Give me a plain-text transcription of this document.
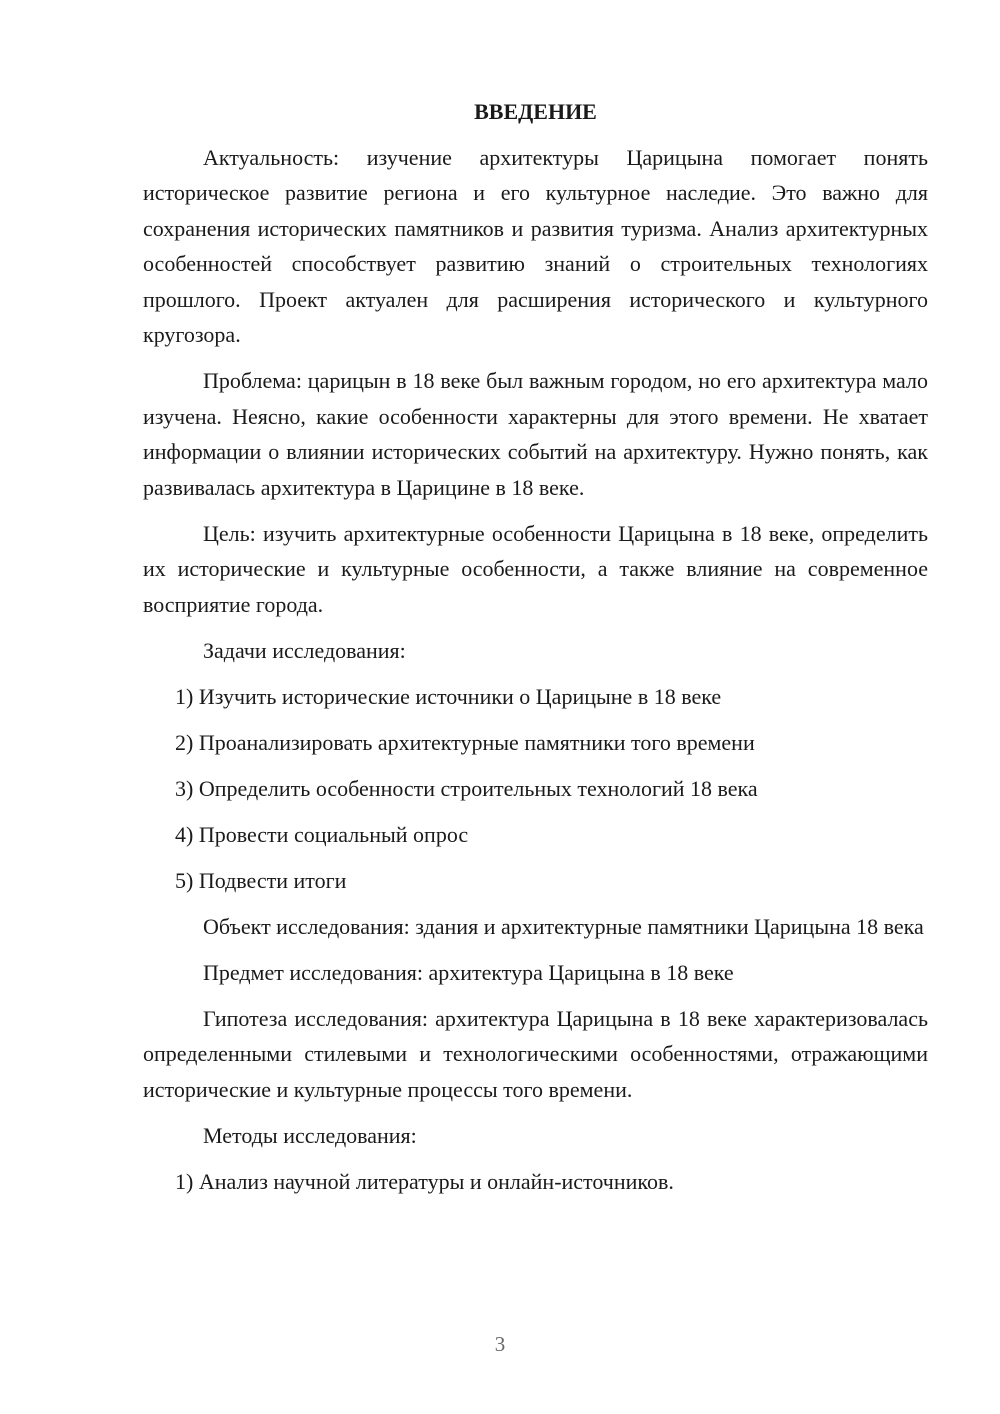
ВВЕДЕНИЕ

Актуальность: изучение архитектуры Царицына помогает понять историческое развитие региона и его культурное наследие. Это важно для сохранения исторических памятников и развития туризма. Анализ архитектурных особенностей способствует развитию знаний о строительных технологиях прошлого. Проект актуален для расширения исторического и культурного кругозора.

Проблема: царицын в 18 веке был важным городом, но его архитектура мало изучена. Неясно, какие особенности характерны для этого времени. Не хватает информации о влиянии исторических событий на архитектуру. Нужно понять, как развивалась архитектура в Царицине в 18 веке.

Цель: изучить архитектурные особенности Царицына в 18 веке, определить их исторические и культурные особенности, а также влияние на современное восприятие города.

Задачи исследования:

1) Изучить исторические источники о Царицыне в 18 веке
2) Проанализировать архитектурные памятники того времени
3) Определить особенности строительных технологий 18 века
4) Провести социальный опрос
5) Подвести итоги

Объект исследования: здания и архитектурные памятники Царицына 18 века

Предмет исследования: архитектура Царицына в 18 веке

Гипотеза исследования: архитектура Царицына в 18 веке характеризовалась определенными стилевыми и технологическими особенностями, отражающими исторические и культурные процессы того времени.

Методы исследования:

1) Анализ научной литературы и онлайн-источников.
3
